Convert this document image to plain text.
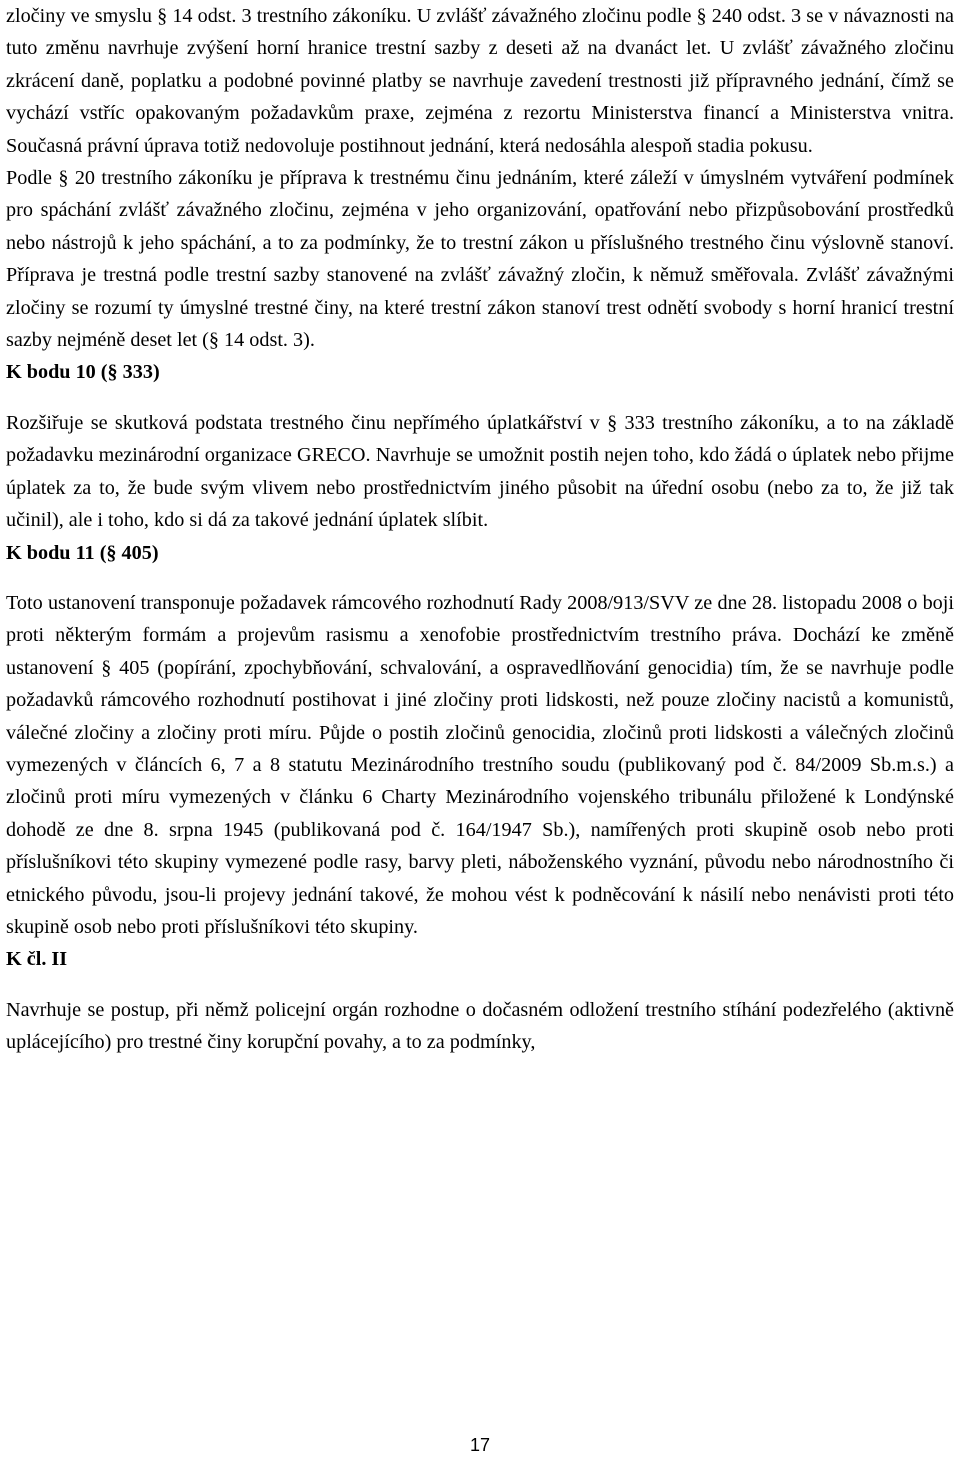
zločiny ve smyslu § 14 odst. 3 trestního zákoníku. U zvlášť závažného zločinu podle § 240 odst. 3 se v návaznosti na tuto změnu navrhuje zvýšení horní hranice trestní sazby z deseti až na dvanáct let. U zvlášť závažného zločinu zkrácení daně, poplatku a podobné povinné platby se navrhuje zavedení trestnosti již přípravného jednání, čímž se vychází vstříc opakovaným požadavkům praxe, zejména z rezortu Ministerstva financí a Ministerstva vnitra. Současná právní úprava totiž nedovoluje postihnout jednání, která nedosáhla alespoň stadia pokusu.

Podle § 20 trestního zákoníku je příprava k trestnému činu jednáním, které záleží v úmyslném vytváření podmínek pro spáchání zvlášť závažného zločinu, zejména v jeho organizování, opatřování nebo přizpůsobování prostředků nebo nástrojů k jeho spáchání, a to za podmínky, že to trestní zákon u příslušného trestného činu výslovně stanoví. Příprava je trestná podle trestní sazby stanovené na zvlášť závažný zločin, k němuž směřovala. Zvlášť závažnými zločiny se rozumí ty úmyslné trestné činy, na které trestní zákon stanoví trest odnětí svobody s horní hranicí trestní sazby nejméně deset let (§ 14 odst. 3).

K bodu 10 (§ 333)

Rozšiřuje se skutková podstata trestného činu nepřímého úplatkářství v § 333 trestního zákoníku, a to na základě požadavku mezinárodní organizace GRECO. Navrhuje se umožnit postih nejen toho, kdo žádá o úplatek nebo přijme úplatek za to, že bude svým vlivem nebo prostřednictvím jiného působit na úřední osobu (nebo za to, že již tak učinil), ale i toho, kdo si dá za takové jednání úplatek slíbit.

K bodu 11 (§ 405)

Toto ustanovení transponuje požadavek rámcového rozhodnutí Rady 2008/913/SVV ze dne 28. listopadu 2008 o boji proti některým formám a projevům rasismu a xenofobie prostřednictvím trestního práva. Dochází ke změně ustanovení § 405 (popírání, zpochybňování, schvalování, a ospravedlňování genocidia) tím, že se navrhuje podle požadavků rámcového rozhodnutí postihovat i jiné zločiny proti lidskosti, než pouze zločiny nacistů a komunistů, válečné zločiny a zločiny proti míru. Půjde o postih zločinů genocidia, zločinů proti lidskosti a válečných zločinů vymezených v článcích 6, 7 a 8 statutu Mezinárodního trestního soudu (publikovaný pod č. 84/2009 Sb.m.s.) a zločinů proti míru vymezených v článku 6 Charty Mezinárodního vojenského tribunálu přiložené k Londýnské dohodě ze dne 8. srpna 1945 (publikovaná pod č. 164/1947 Sb.), namířených proti skupině osob nebo proti příslušníkovi této skupiny vymezené podle rasy, barvy pleti, náboženského vyznání, původu nebo národnostního či etnického původu, jsou-li projevy jednání takové, že mohou vést k podněcování k násilí nebo nenávisti proti této skupině osob nebo proti příslušníkovi této skupiny.

K čl. II

Navrhuje se postup, při němž policejní orgán rozhodne o dočasném odložení trestního stíhání podezřelého (aktivně uplácejícího) pro trestné činy korupční povahy, a to za podmínky,

17
